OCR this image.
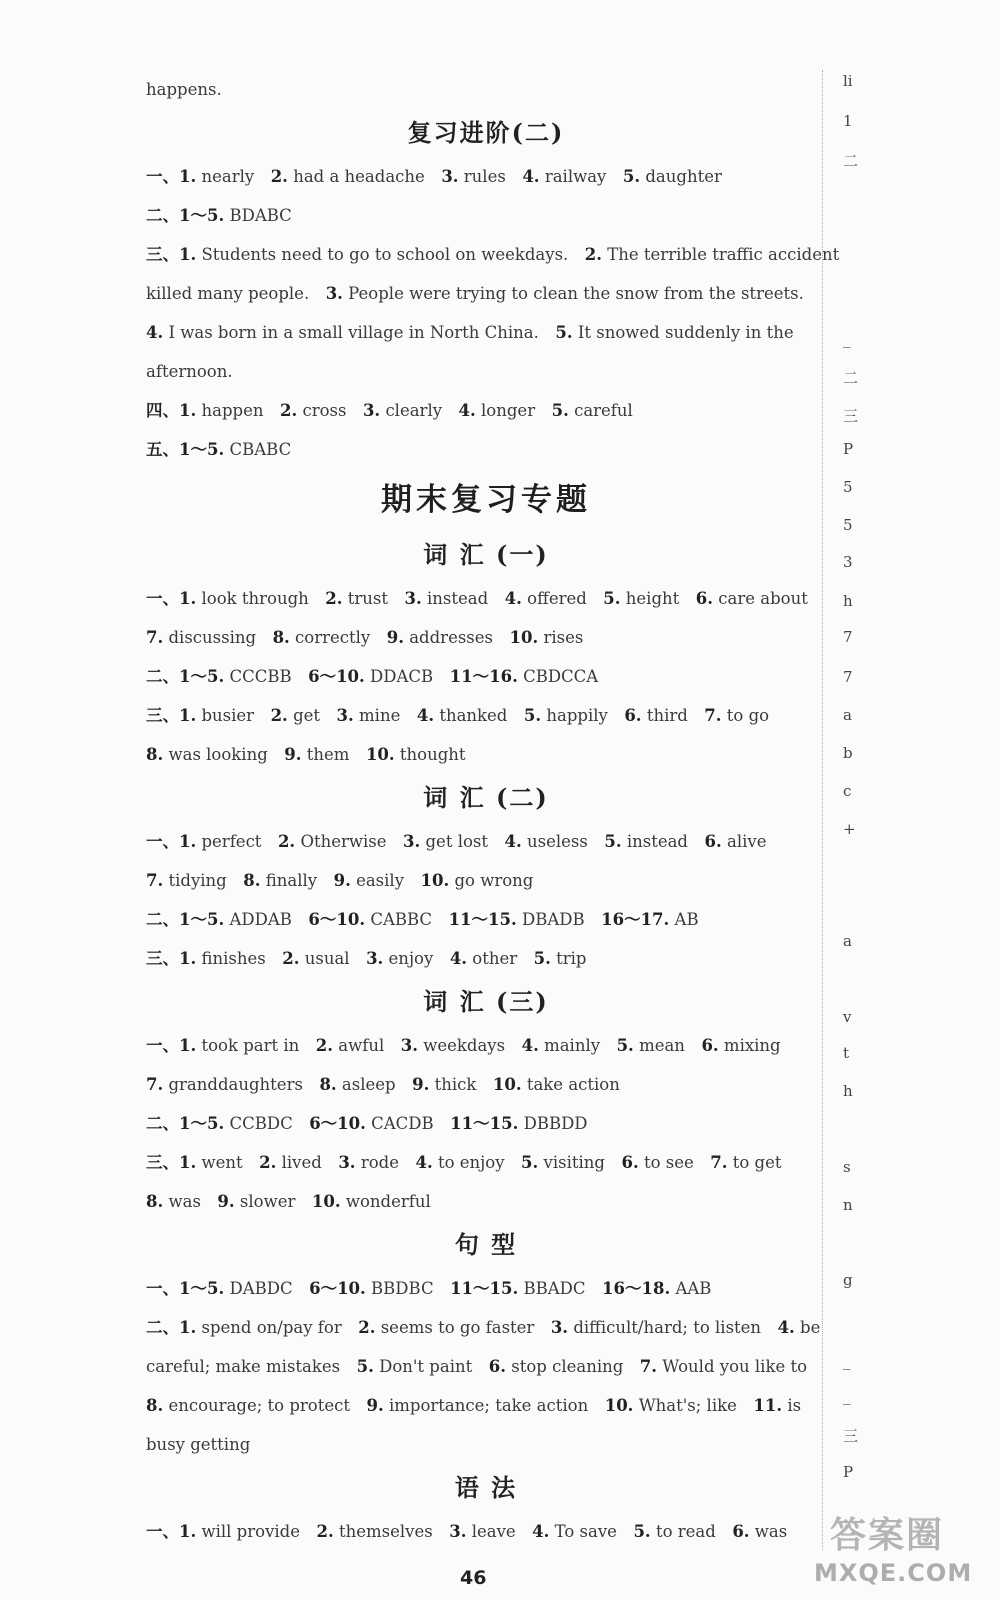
happens. 
复习进阶(二)
一、1. nearly  2. had a headache  3. rules  4. railway  5. daughter 
二、1～5. BDABC 
三、1. Students need to go to school on weekdays.  2. The terrible traffic accident 
killed many people.  3. People were trying to clean the snow from the streets. 
4. I was born in a small village in North China.  5. It snowed suddenly in the 
afternoon. 
四、1. happen  2. cross  3. clearly  4. longer  5. careful 
五、1～5. CBABC 
期末复习专题
词 汇 (一)
一、1. look through  2. trust  3. instead  4. offered  5. height  6. care about 
7. discussing  8. correctly  9. addresses  10. rises 
二、1～5. CCCBB  6～10. DDACB  11～16. CBDCCA 
三、1. busier  2. get  3. mine  4. thanked  5. happily  6. third  7. to go 
8. was looking  9. them  10. thought 
词 汇 (二)
一、1. perfect  2. Otherwise  3. get lost  4. useless  5. instead  6. alive 
7. tidying  8. finally  9. easily  10. go wrong 
二、1～5. ADDAB  6～10. CABBC  11～15. DBADB  16～17. AB 
三、1. finishes  2. usual  3. enjoy  4. other  5. trip 
词 汇 (三)
一、1. took part in  2. awful  3. weekdays  4. mainly  5. mean  6. mixing 
7. granddaughters  8. asleep  9. thick  10. take action 
二、1～5. CCBDC  6～10. CACDB  11～15. DBBDD 
三、1. went  2. lived  3. rode  4. to enjoy  5. visiting  6. to see  7. to get 
8. was  9. slower  10. wonderful 
句 型
一、1～5. DABDC  6～10. BBDBC  11～15. BBADC  16～18. AAB 
二、1. spend on/pay for  2. seems to go faster  3. difficult/hard; to listen  4. be 
careful; make mistakes  5. Don't paint  6. stop cleaning  7. Would you like to 
8. encourage; to protect  9. importance; take action  10. What's; like  11. is 
busy getting 
语 法
一、1. will provide  2. themselves  3. leave  4. To save  5. to read  6. was 
li
1
二
_
二
三
P
5
5
3
h
7
7
a
b
c
+
a
v
t
h
s
n
g
_
_
三
P
46
答案圈
MXQE.COM
